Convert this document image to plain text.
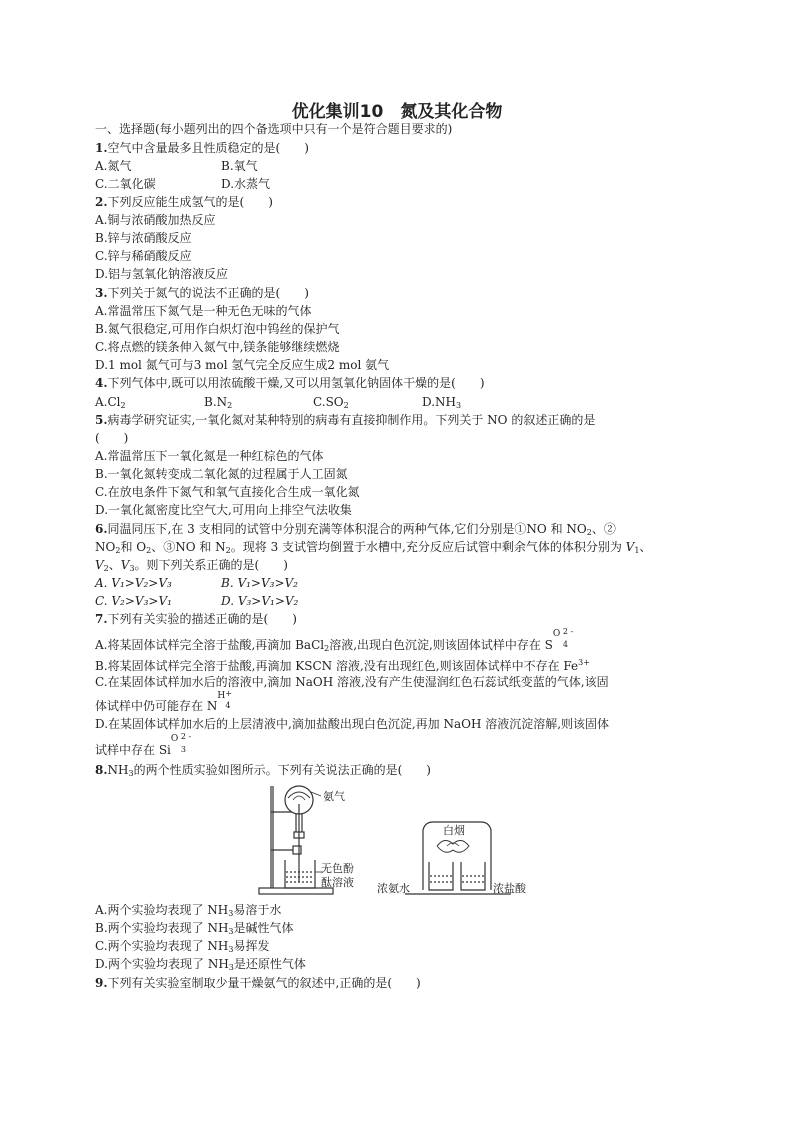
优化集训10　氮及其化合物
一、选择题(每小题列出的四个备选项中只有一个是符合题目要求的)
1.空气中含量最多且性质稳定的是(　　)
A.氮气	B.氧气
C.二氧化碳	D.水蒸气
2.下列反应能生成氢气的是(　　)
A.铜与浓硝酸加热反应
B.锌与浓硝酸反应
C.锌与稀硝酸反应
D.铝与氢氧化钠溶液反应
3.下列关于氮气的说法不正确的是(　　)
A.常温常压下氮气是一种无色无味的气体
B.氮气很稳定,可用作白炽灯泡中钨丝的保护气
C.将点燃的镁条伸入氮气中,镁条能够继续燃烧
D.1 mol 氮气可与3 mol 氢气完全反应生成2 mol 氨气
4.下列气体中,既可以用浓硫酸干燥,又可以用氢氧化钠固体干燥的是(　　)
$A.Cl_2$	$B.N_2$	$C.SO_2$	$D.NH_3$
5.病毒学研究证实,一氧化氮对某种特别的病毒有直接抑制作用。下列关于 NO 的叙述正确的是
(　　)
A.常温常压下一氧化氮是一种红棕色的气体
B.一氧化氮转变成二氧化氮的过程属于人工固氮
C.在放电条件下氮气和氧气直接化合生成一氧化氮
D.一氧化氮密度比空气大,可用向上排空气法收集
6.同温同压下,在 3 支相同的试管中分别充满等体积混合的两种气体,它们分别是①NO 和 $NO_2$、②
$NO_2$和 $O_2$、③NO 和 $N_2$。现将 3 支试管均倒置于水槽中,充分反应后试管中剩余气体的体积分别为 $V_1$、
$V_2$、$V_3$。则下列关系正确的是(　　)
A. V₁>V₂>V₃	B. V₁>V₃>V₂
C. V₂>V₃>V₁	D. V₃>V₁>V₂
7.下列有关实验的描述正确的是(　　)
A.将某固体试样完全溶于盐酸,再滴加 BaCl$_2$溶液,出现白色沉淀,则该固体试样中存在 S
O 2 -
4
B.将某固体试样完全溶于盐酸,再滴加 KSCN 溶液,没有出现红色,则该固体试样中不存在 $Fe^{3+}$
C.在某固体试样加水后的溶液中,滴加 NaOH 溶液,没有产生使湿润红色石蕊试纸变蓝的气体,该固
体试样中仍可能存在 N
H +
4
D.在某固体试样加水后的上层清液中,滴加盐酸出现白色沉淀,再加 NaOH 溶液沉淀溶解,则该固体
试样中存在 Si
O 2 -
3
$8.NH_3$的两个性质实验如图所示。下列有关说法正确的是(　　)
氨气
无色酚
酞溶液
白烟
浓氨水	浓盐酸
A.两个实验均表现了 $NH_3$易溶于水
B.两个实验均表现了 $NH_3$是碱性气体
C.两个实验均表现了 $NH_3$易挥发
D.两个实验均表现了 $NH_3$是还原性气体
9.下列有关实验室制取少量干燥氨气的叙述中,正确的是(　　)
